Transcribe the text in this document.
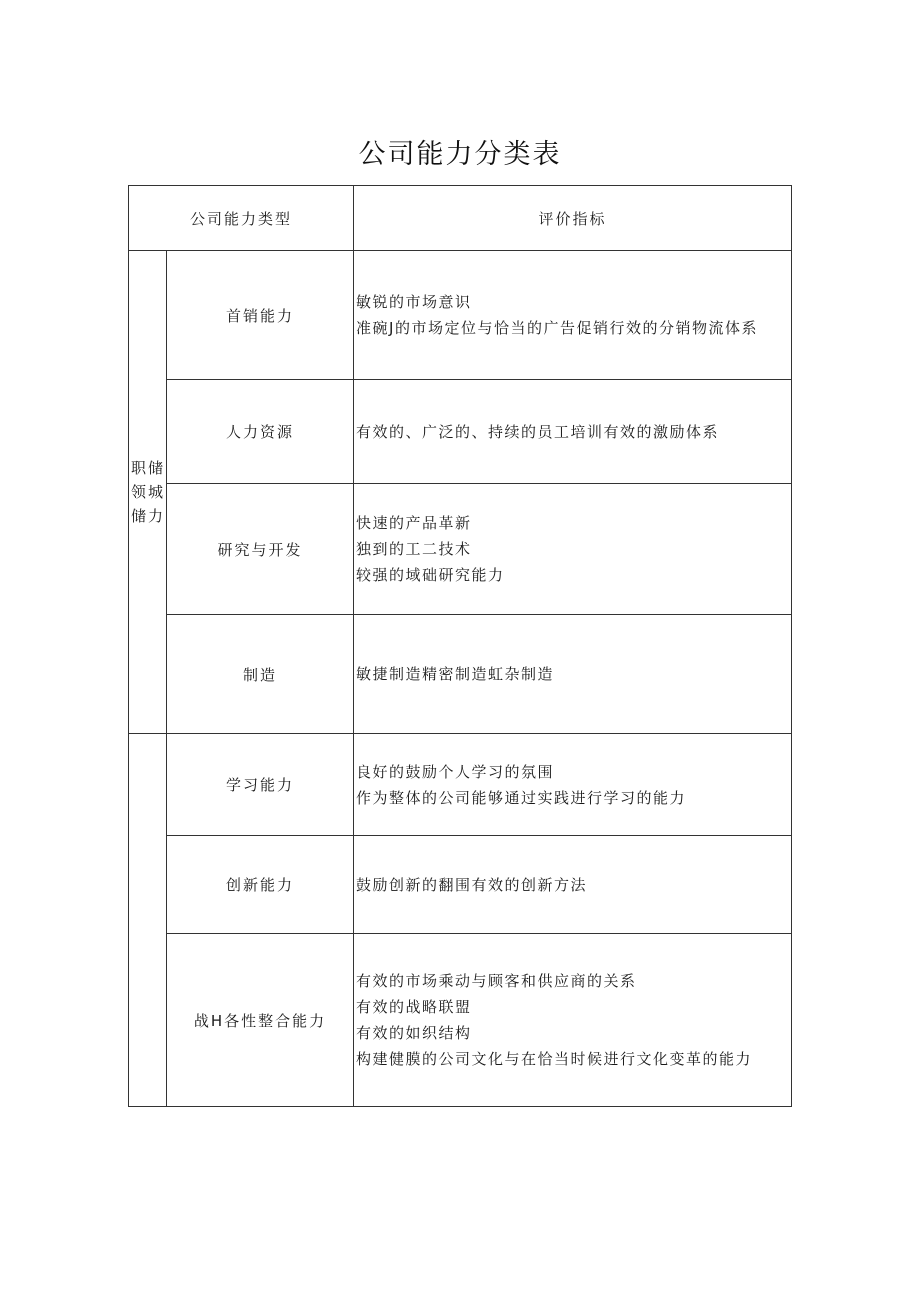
公司能力分类表
公司能力类型		评价指标

职储
领城
储力	首销能力	敏锐的市场意识
准碗J的市场定位与恰当的广告促销行效的分销物流体系

	人力资源	有效的、广泛的、持续的员工培训有效的激励体系

	研究与开发	快速的产品革新
独到的工二技术
较强的域础研究能力

	制造	敏捷制造精密制造虹杂制造

	学习能力	良好的鼓励个人学习的氛围
作为整体的公司能够通过实践进行学习的能力

	创新能力	鼓励创新的翻围有效的创新方法

	战H各性整合能力	有效的市场乘动与顾客和供应商的关系
有效的战略联盟
有效的如织结构
构建健膜的公司文化与在恰当时候进行文化变革的能力
